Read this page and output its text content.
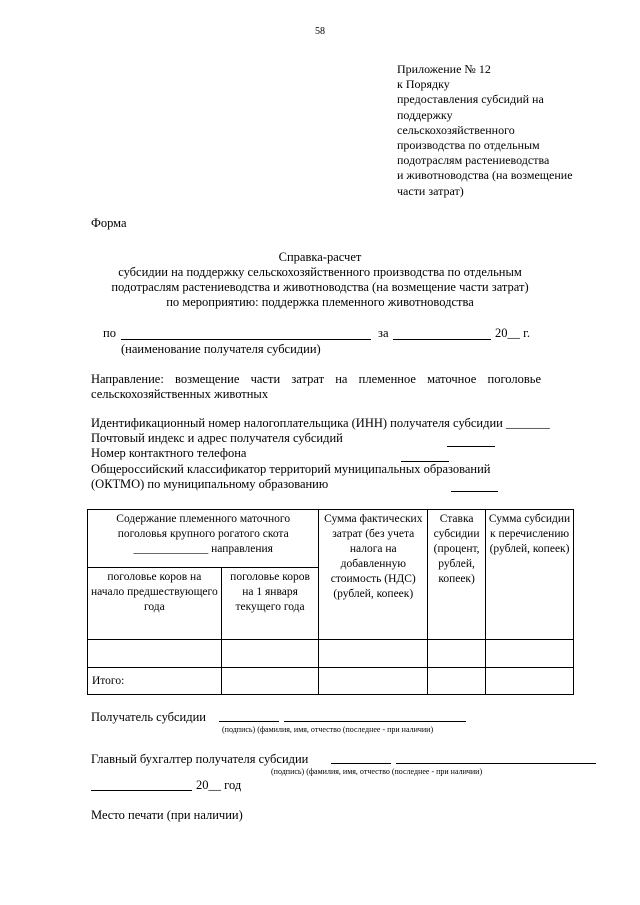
58
Приложение № 12
к Порядку
предоставления субсидий на
поддержку
сельскохозяйственного
производства по отдельным
подотраслям растениеводства
и животноводства (на возмещение
части затрат)
Форма
Справка-расчет
субсидии на поддержку сельскохозяйственного производства по отдельным
подотраслям растениеводства и животноводства (на возмещение части затрат)
по мероприятию: поддержка племенного животноводства
по	за	20__ г.
(наименование получателя субсидии)
Направление: возмещение части затрат на племенное маточное поголовье сельскохозяйственных животных
Идентификационный номер налогоплательщика (ИНН) получателя субсидии _______
Почтовый индекс и адрес получателя субсидий
Номер контактного телефона
Общероссийский классификатор территорий муниципальных образований
(ОКТМО) по муниципальному образованию
Содержание племенного маточного
поголовья крупного рогатого скота
_____________ направления		Сумма фактических затрат (без учета налога на добавленную стоимость (НДС) (рублей, копеек)	Ставка субсидии (процент, рублей, копеек)	Сумма субсидии к перечислению (рублей, копеек)
поголовье коров на начало предшествующего года	поголовье коров на 1 января текущего года			

Итого:				
Получатель субсидии
(подпись) (фамилия, имя, отчество (последнее - при наличии)
Главный бухгалтер получателя субсидии
(подпись) (фамилия, имя, отчество (последнее - при наличии)
20__ год
Место печати (при наличии)
